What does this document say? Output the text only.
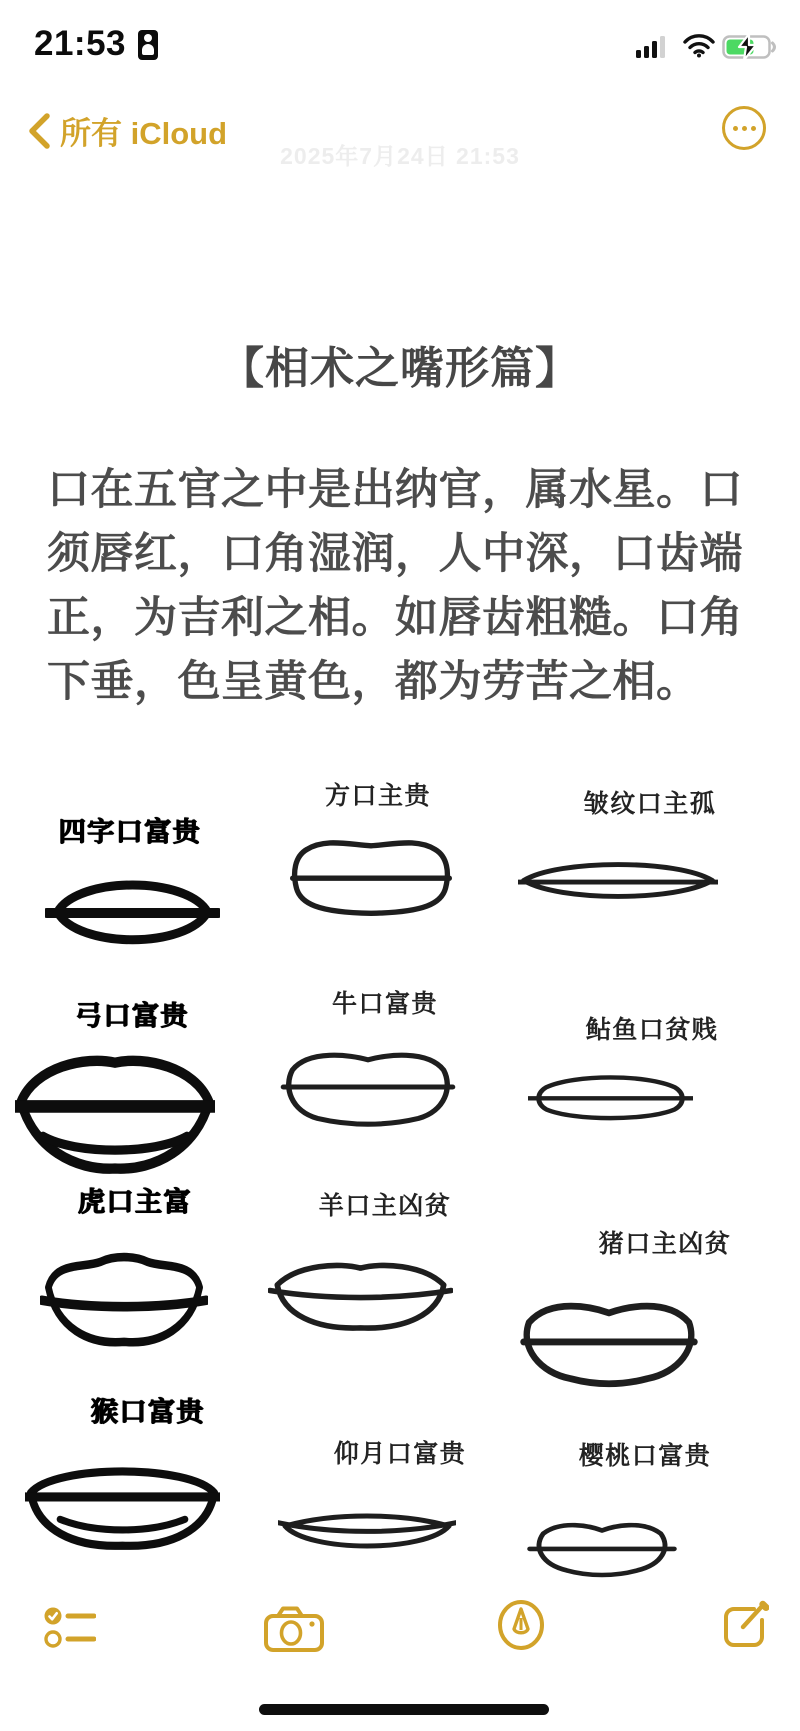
21:53
所有 iCloud
2025年7月24日 21:53
【相术之嘴形篇】
口在五官之中是出纳官，属水星。口
须唇红，口角湿润，人中深，口齿端
正，为吉利之相。如唇齿粗糙。口角
下垂，色呈黄色，都为劳苦之相。
四字口富贵
方口主贵	皱纹口主孤
弓口富贵	牛口富贵
鲇鱼口贫贱
虎口主富	羊口主凶贫
猪口主凶贫
猴口富贵
仰月口富贵	樱桃口富贵
